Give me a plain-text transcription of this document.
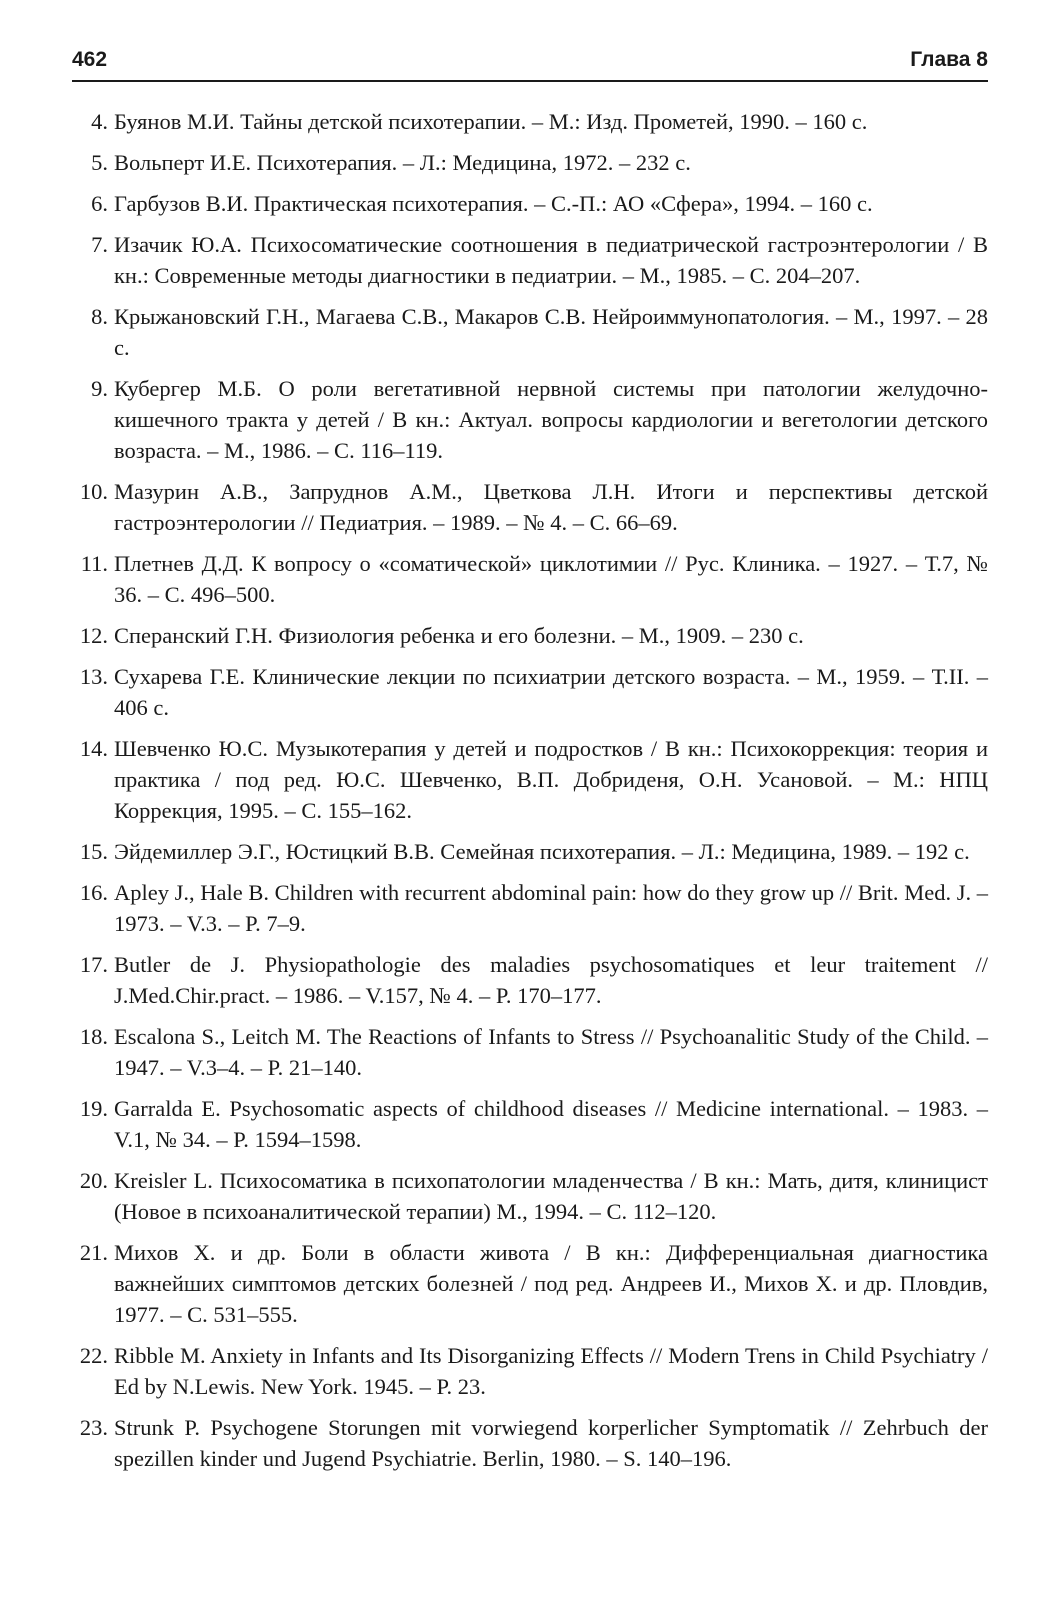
462	Глава 8
4. Буянов М.И. Тайны детской психотерапии. – М.: Изд. Прометей, 1990. – 160 с.
5. Вольперт И.Е. Психотерапия. – Л.: Медицина, 1972. – 232 с.
6. Гарбузов В.И. Практическая психотерапия. – С.-П.: АО «Сфера», 1994. – 160 с.
7. Изачик Ю.А. Психосоматические соотношения в педиатрической гастроэнтерологии / В кн.: Современные методы диагностики в педиатрии. – М., 1985. – С. 204–207.
8. Крыжановский Г.Н., Магаева С.В., Макаров С.В. Нейроиммунопатология. – М., 1997. – 28 с.
9. Кубергер М.Б. О роли вегетативной нервной системы при патологии желудочно-кишечного тракта у детей / В кн.: Актуал. вопросы кардиологии и вегетологии детского возраста. – М., 1986. – С. 116–119.
10. Мазурин А.В., Запруднов А.М., Цветкова Л.Н. Итоги и перспективы детской гастроэнтерологии // Педиатрия. – 1989. – № 4. – С. 66–69.
11. Плетнев Д.Д. К вопросу о «соматической» циклотимии // Рус. Клиника. – 1927. – Т.7, № 36. – С. 496–500.
12. Сперанский Г.Н. Физиология ребенка и его болезни. – М., 1909. – 230 с.
13. Сухарева Г.Е. Клинические лекции по психиатрии детского возраста. – М., 1959. – Т.II. – 406 с.
14. Шевченко Ю.С. Музыкотерапия у детей и подростков / В кн.: Психокоррекция: теория и практика / под ред. Ю.С. Шевченко, В.П. Добриденя, О.Н. Усановой. – М.: НПЦ Коррекция, 1995. – С. 155–162.
15. Эйдемиллер Э.Г., Юстицкий В.В. Семейная психотерапия. – Л.: Медицина, 1989. – 192 с.
16. Apley J., Hale B. Children with recurrent abdominal pain: how do they grow up // Brit. Med. J. – 1973. – V.3. – P. 7–9.
17. Butler de J. Physiopathologie des maladies psychosomatiques et leur traitement // J.Med.Chir.pract. – 1986. – V.157, № 4. – P. 170–177.
18. Escalona S., Leitch M. The Reactions of Infants to Stress // Psychoanalitic Study of the Child. – 1947. – V.3–4. – P. 21–140.
19. Garralda E. Psychosomatic aspects of childhood diseases // Medicine international. – 1983. – V.1, № 34. – P. 1594–1598.
20. Kreisler L. Психосоматика в психопатологии младенчества / В кн.: Мать, дитя, клиницист (Новое в психоаналитической терапии) М., 1994. – С. 112–120.
21. Михов Х. и др. Боли в области живота / В кн.: Дифференциальная диагностика важнейших симптомов детских болезней / под ред. Андреев И., Михов Х. и др. Пловдив, 1977. – С. 531–555.
22. Ribble M. Anxiety in Infants and Its Disorganizing Effects // Modern Trens in Child Psychiatry / Ed by N.Lewis. New York. 1945. – P. 23.
23. Strunk P. Psychogene Storungen mit vorwiegend korperlicher Symptomatik // Zehrbuch der spezillen kinder und Jugend Psychiatrie. Berlin, 1980. – S. 140–196.
